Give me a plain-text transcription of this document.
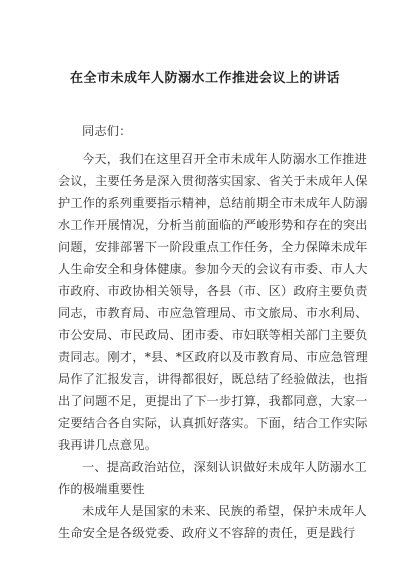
在全市未成年人防溺水工作推进会议上的讲话
同志们：
今天，我们在这里召开全市未成年人防溺水工作推进
会议，主要任务是深入贯彻落实国家、省关于未成年人保
护工作的系列重要指示精神，总结前期全市未成年人防溺
水工作开展情况，分析当前面临的严峻形势和存在的突出
问题，安排部署下一阶段重点工作任务，全力保障未成年
人生命安全和身体健康。参加今天的会议有市委、市人大
市政府、市政协相关领导，各县（市、区）政府主要负责
同志，市教育局、市应急管理局、市文旅局、市水利局、
市公安局、市民政局、团市委、市妇联等相关部门主要负
责同志。刚才，*县、*区政府以及市教育局、市应急管理
局作了汇报发言，讲得都很好，既总结了经验做法，也指
出了问题不足，更提出了下一步打算，我都同意，大家一
定要结合各自实际，认真抓好落实。下面，结合工作实际
我再讲几点意见。
一、提高政治站位，深刻认识做好未成年人防溺水工
作的极端重要性
未成年人是国家的未来、民族的希望，保护未成年人
生命安全是各级党委、政府义不容辞的责任，更是践行
